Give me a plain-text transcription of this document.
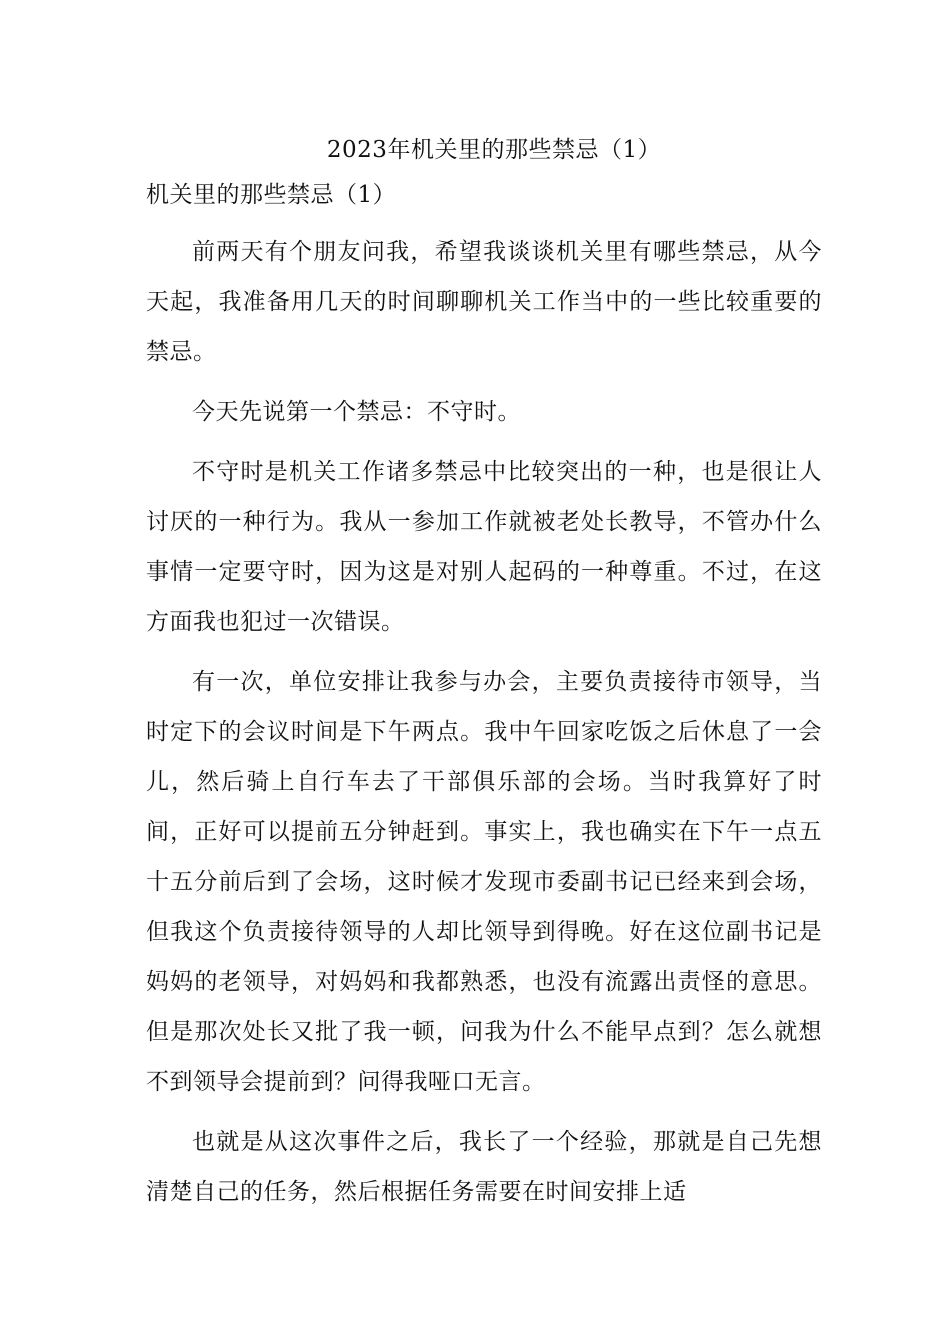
2023年机关里的那些禁忌（1）
机关里的那些禁忌（1）

前两天有个朋友问我，希望我谈谈机关里有哪些禁忌，从今天起，我准备用几天的时间聊聊机关工作当中的一些比较重要的禁忌。

今天先说第一个禁忌：不守时。

不守时是机关工作诸多禁忌中比较突出的一种，也是很让人讨厌的一种行为。我从一参加工作就被老处长教导，不管办什么事情一定要守时，因为这是对别人起码的一种尊重。不过，在这方面我也犯过一次错误。

有一次，单位安排让我参与办会，主要负责接待市领导，当时定下的会议时间是下午两点。我中午回家吃饭之后休息了一会儿，然后骑上自行车去了干部俱乐部的会场。当时我算好了时间，正好可以提前五分钟赶到。事实上，我也确实在下午一点五十五分前后到了会场，这时候才发现市委副书记已经来到会场，但我这个负责接待领导的人却比领导到得晚。好在这位副书记是妈妈的老领导，对妈妈和我都熟悉，也没有流露出责怪的意思。但是那次处长又批了我一顿，问我为什么不能早点到？怎么就想不到领导会提前到？问得我哑口无言。

也就是从这次事件之后，我长了一个经验，那就是自己先想清楚自己的任务，然后根据任务需要在时间安排上适
